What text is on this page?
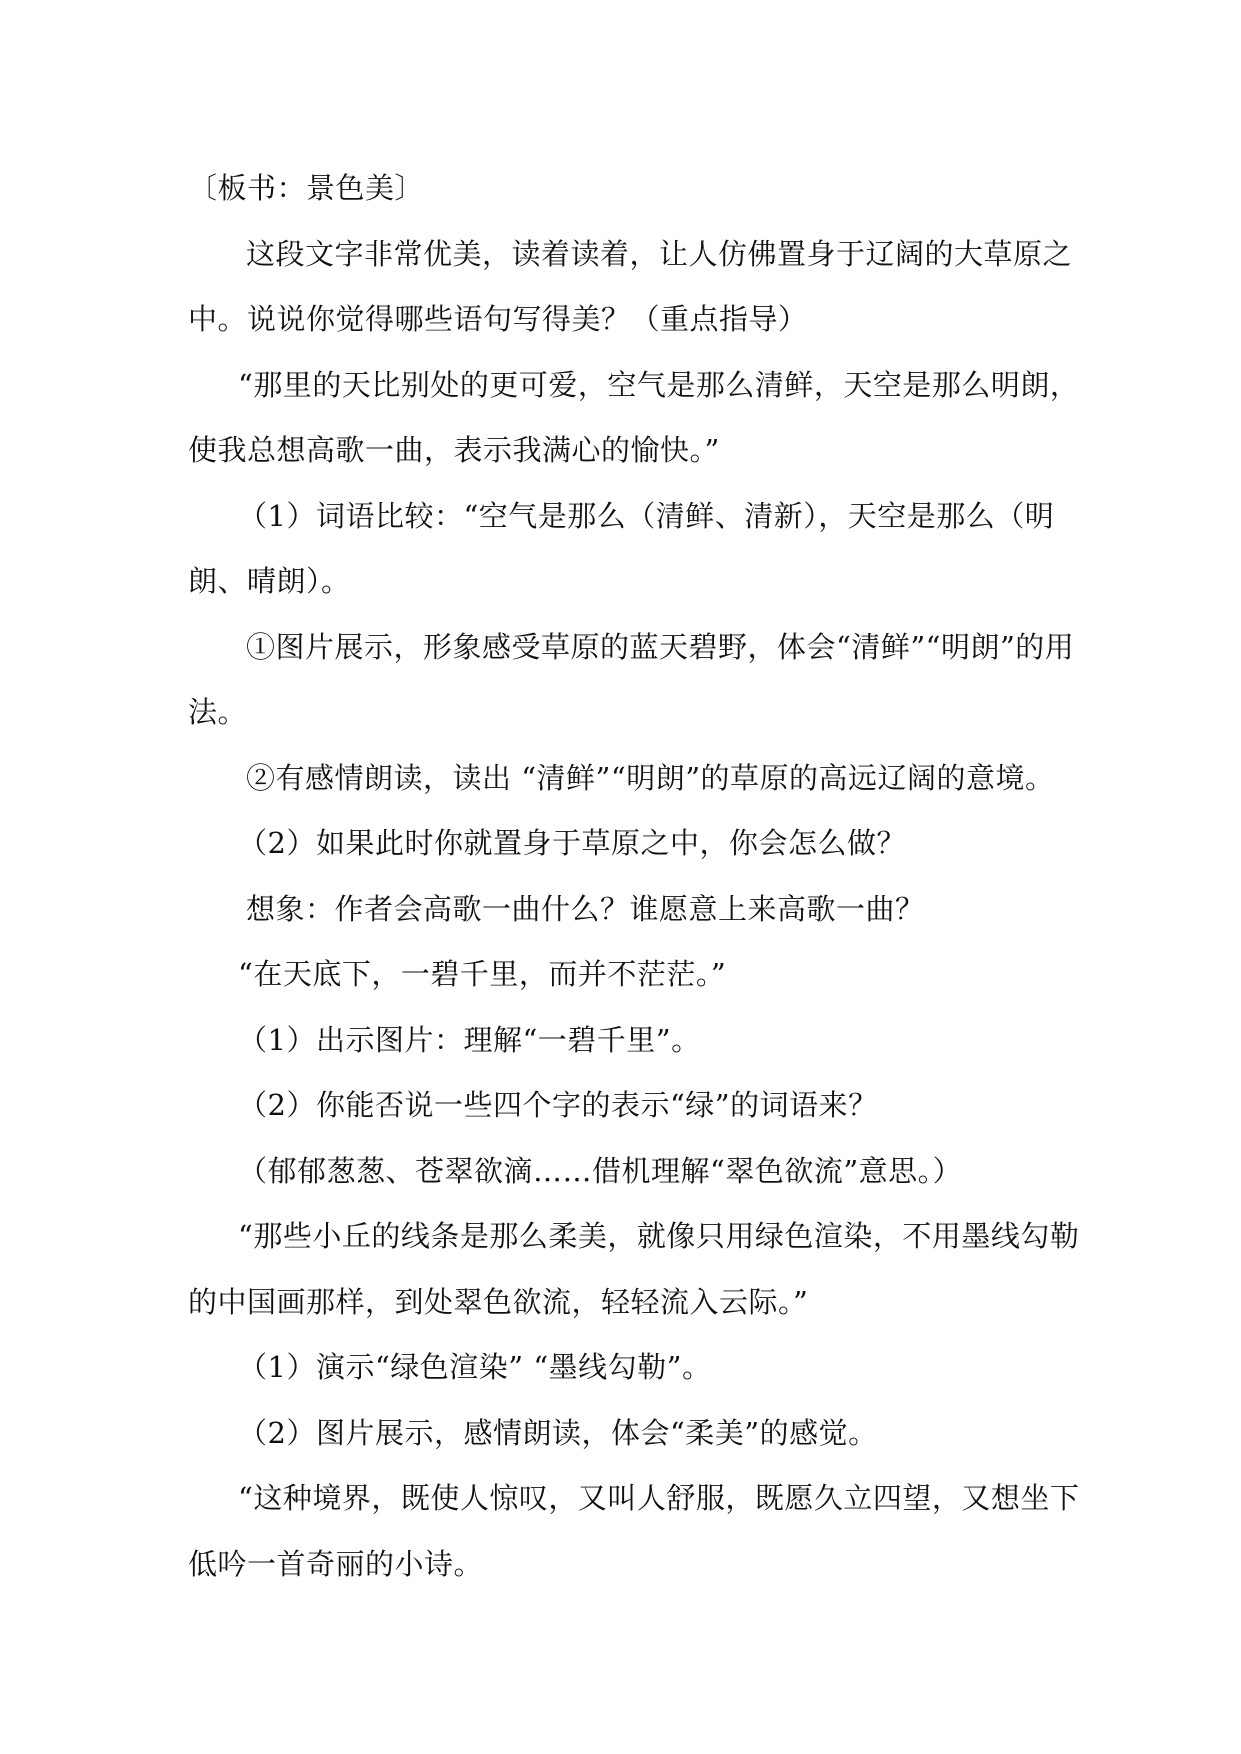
〔板书：景色美〕

这段文字非常优美，读着读着，让人仿佛置身于辽阔的大草原之中。说说你觉得哪些语句写得美？（重点指导）

“那里的天比别处的更可爱，空气是那么清鲜，天空是那么明朗，使我总想高歌一曲，表示我满心的愉快。”

（1）词语比较：“空气是那么（清鲜、清新），天空是那么（明朗、晴朗）。

①图片展示，形象感受草原的蓝天碧野，体会“清鲜”“明朗”的用法。

②有感情朗读，读出 “清鲜”“明朗”的草原的高远辽阔的意境。

（2）如果此时你就置身于草原之中，你会怎么做？

想象：作者会高歌一曲什么？谁愿意上来高歌一曲？

“在天底下，一碧千里，而并不茫茫。”

（1）出示图片：理解“一碧千里”。

（2）你能否说一些四个字的表示“绿”的词语来？

（郁郁葱葱、苍翠欲滴……借机理解“翠色欲流”意思。）

“那些小丘的线条是那么柔美，就像只用绿色渲染，不用墨线勾勒的中国画那样，到处翠色欲流，轻轻流入云际。”

（1）演示“绿色渲染” “墨线勾勒”。

（2）图片展示，感情朗读，体会“柔美”的感觉。

“这种境界，既使人惊叹，又叫人舒服，既愿久立四望，又想坐下低吟一首奇丽的小诗。
